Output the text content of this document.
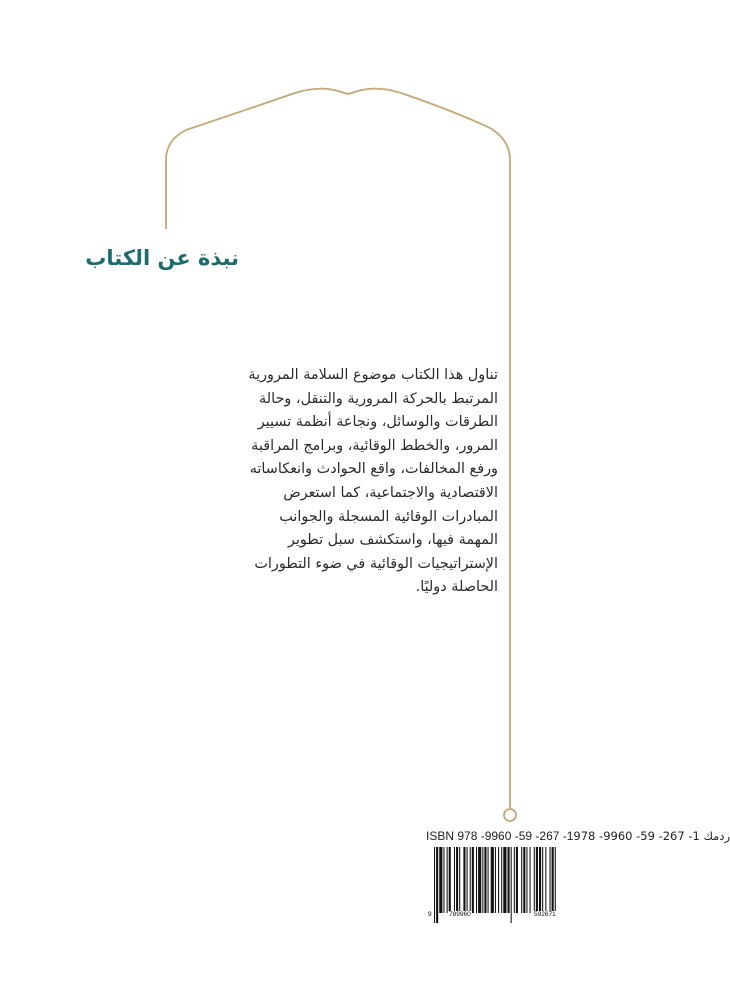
نبذة عن الكتاب
تناول هذا الكتاب موضوع السلامة المرورية
المرتبط بالحركة المرورية والتنقل، وحالة
الطرقات والوسائل، ونجاعة أنظمة تسيير
المرور، والخطط الوقائية، وبرامج المراقبة
ورفع المخالفات، واقع الحوادث وانعكاساته
الاقتصادية والاجتماعية، كما استعرض
المبادرات الوقائية المسجلة والجوانب
المهمة فيها، واستكشف سبل تطوير
الإستراتيجيات الوقائية في ضوء التطورات
الحاصلة دوليًا.
ISBN 978 -9960 -59 -267 -1 ردمك 1- 267- 59- 9960- 978
9	789960	592671
